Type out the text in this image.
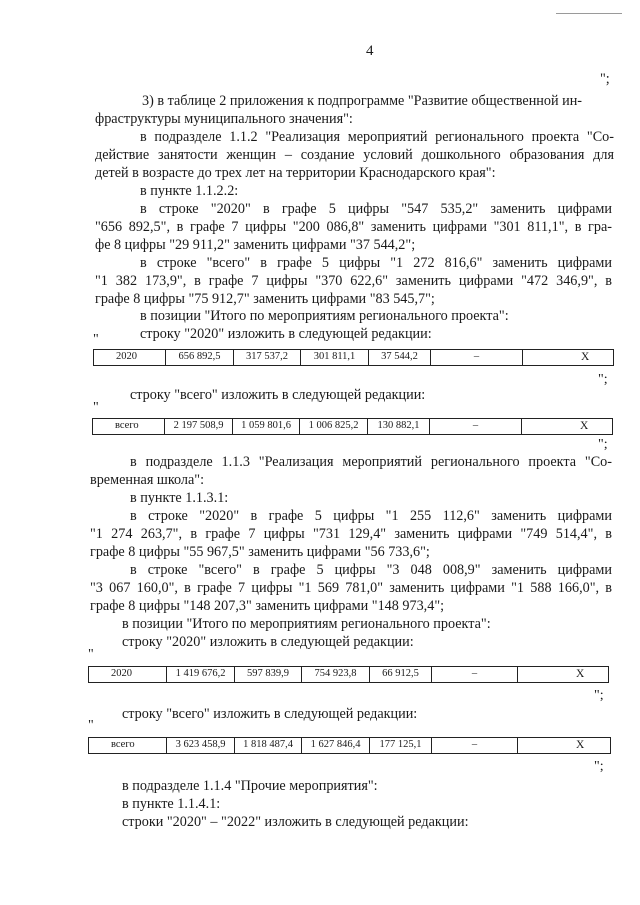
4
";
3) в таблице 2 приложения к подпрограмме "Развитие общественной ин-
фраструктуры муниципального значения":
в подразделе 1.1.2 "Реализация мероприятий регионального проекта "Со-
действие занятости женщин – создание условий дошкольного образования для
детей в возрасте до трех лет на территории Краснодарского края":
в пункте 1.1.2.2:
в строке "2020" в графе 5 цифры "547 535,2" заменить цифрами
"656 892,5", в графе 7 цифры "200 086,8" заменить цифрами "301 811,1", в гра-
фе 8 цифры "29 911,2" заменить цифрами "37 544,2";
в строке "всего" в графе 5 цифры "1 272 816,6" заменить цифрами
"1 382 173,9", в графе 7 цифры "370 622,6" заменить цифрами "472 346,9", в
графе 8 цифры "75 912,7" заменить цифрами "83 545,7";
в позиции "Итого по мероприятиям регионального проекта":
строку "2020" изложить в следующей редакции:
"
2020	656 892,5	317 537,2	301 811,1	37 544,2	–	X
";
строку "всего" изложить в следующей редакции:
"
всего	2 197 508,9	1 059 801,6	1 006 825,2	130 882,1	–	X
";
в подразделе 1.1.3 "Реализация мероприятий регионального проекта "Со-
временная школа":
в пункте 1.1.3.1:
в строке "2020" в графе 5 цифры "1 255 112,6" заменить цифрами
"1 274 263,7", в графе 7 цифры "731 129,4" заменить цифрами "749 514,4", в
графе 8 цифры "55 967,5" заменить цифрами "56 733,6";
в строке "всего" в графе 5 цифры "3 048 008,9" заменить цифрами
"3 067 160,0", в графе 7 цифры "1 569 781,0" заменить цифрами "1 588 166,0", в
графе 8 цифры "148 207,3" заменить цифрами "148 973,4";
в позиции "Итого по мероприятиям регионального проекта":
строку "2020" изложить в следующей редакции:
"
2020	1 419 676,2	597 839,9	754 923,8	66 912,5	–	X
";
строку "всего" изложить в следующей редакции:
"
всего	3 623 458,9	1 818 487,4	1 627 846,4	177 125,1	–	X
";
в подразделе 1.1.4 "Прочие мероприятия":
в пункте 1.1.4.1:
строки "2020" – "2022" изложить в следующей редакции:
